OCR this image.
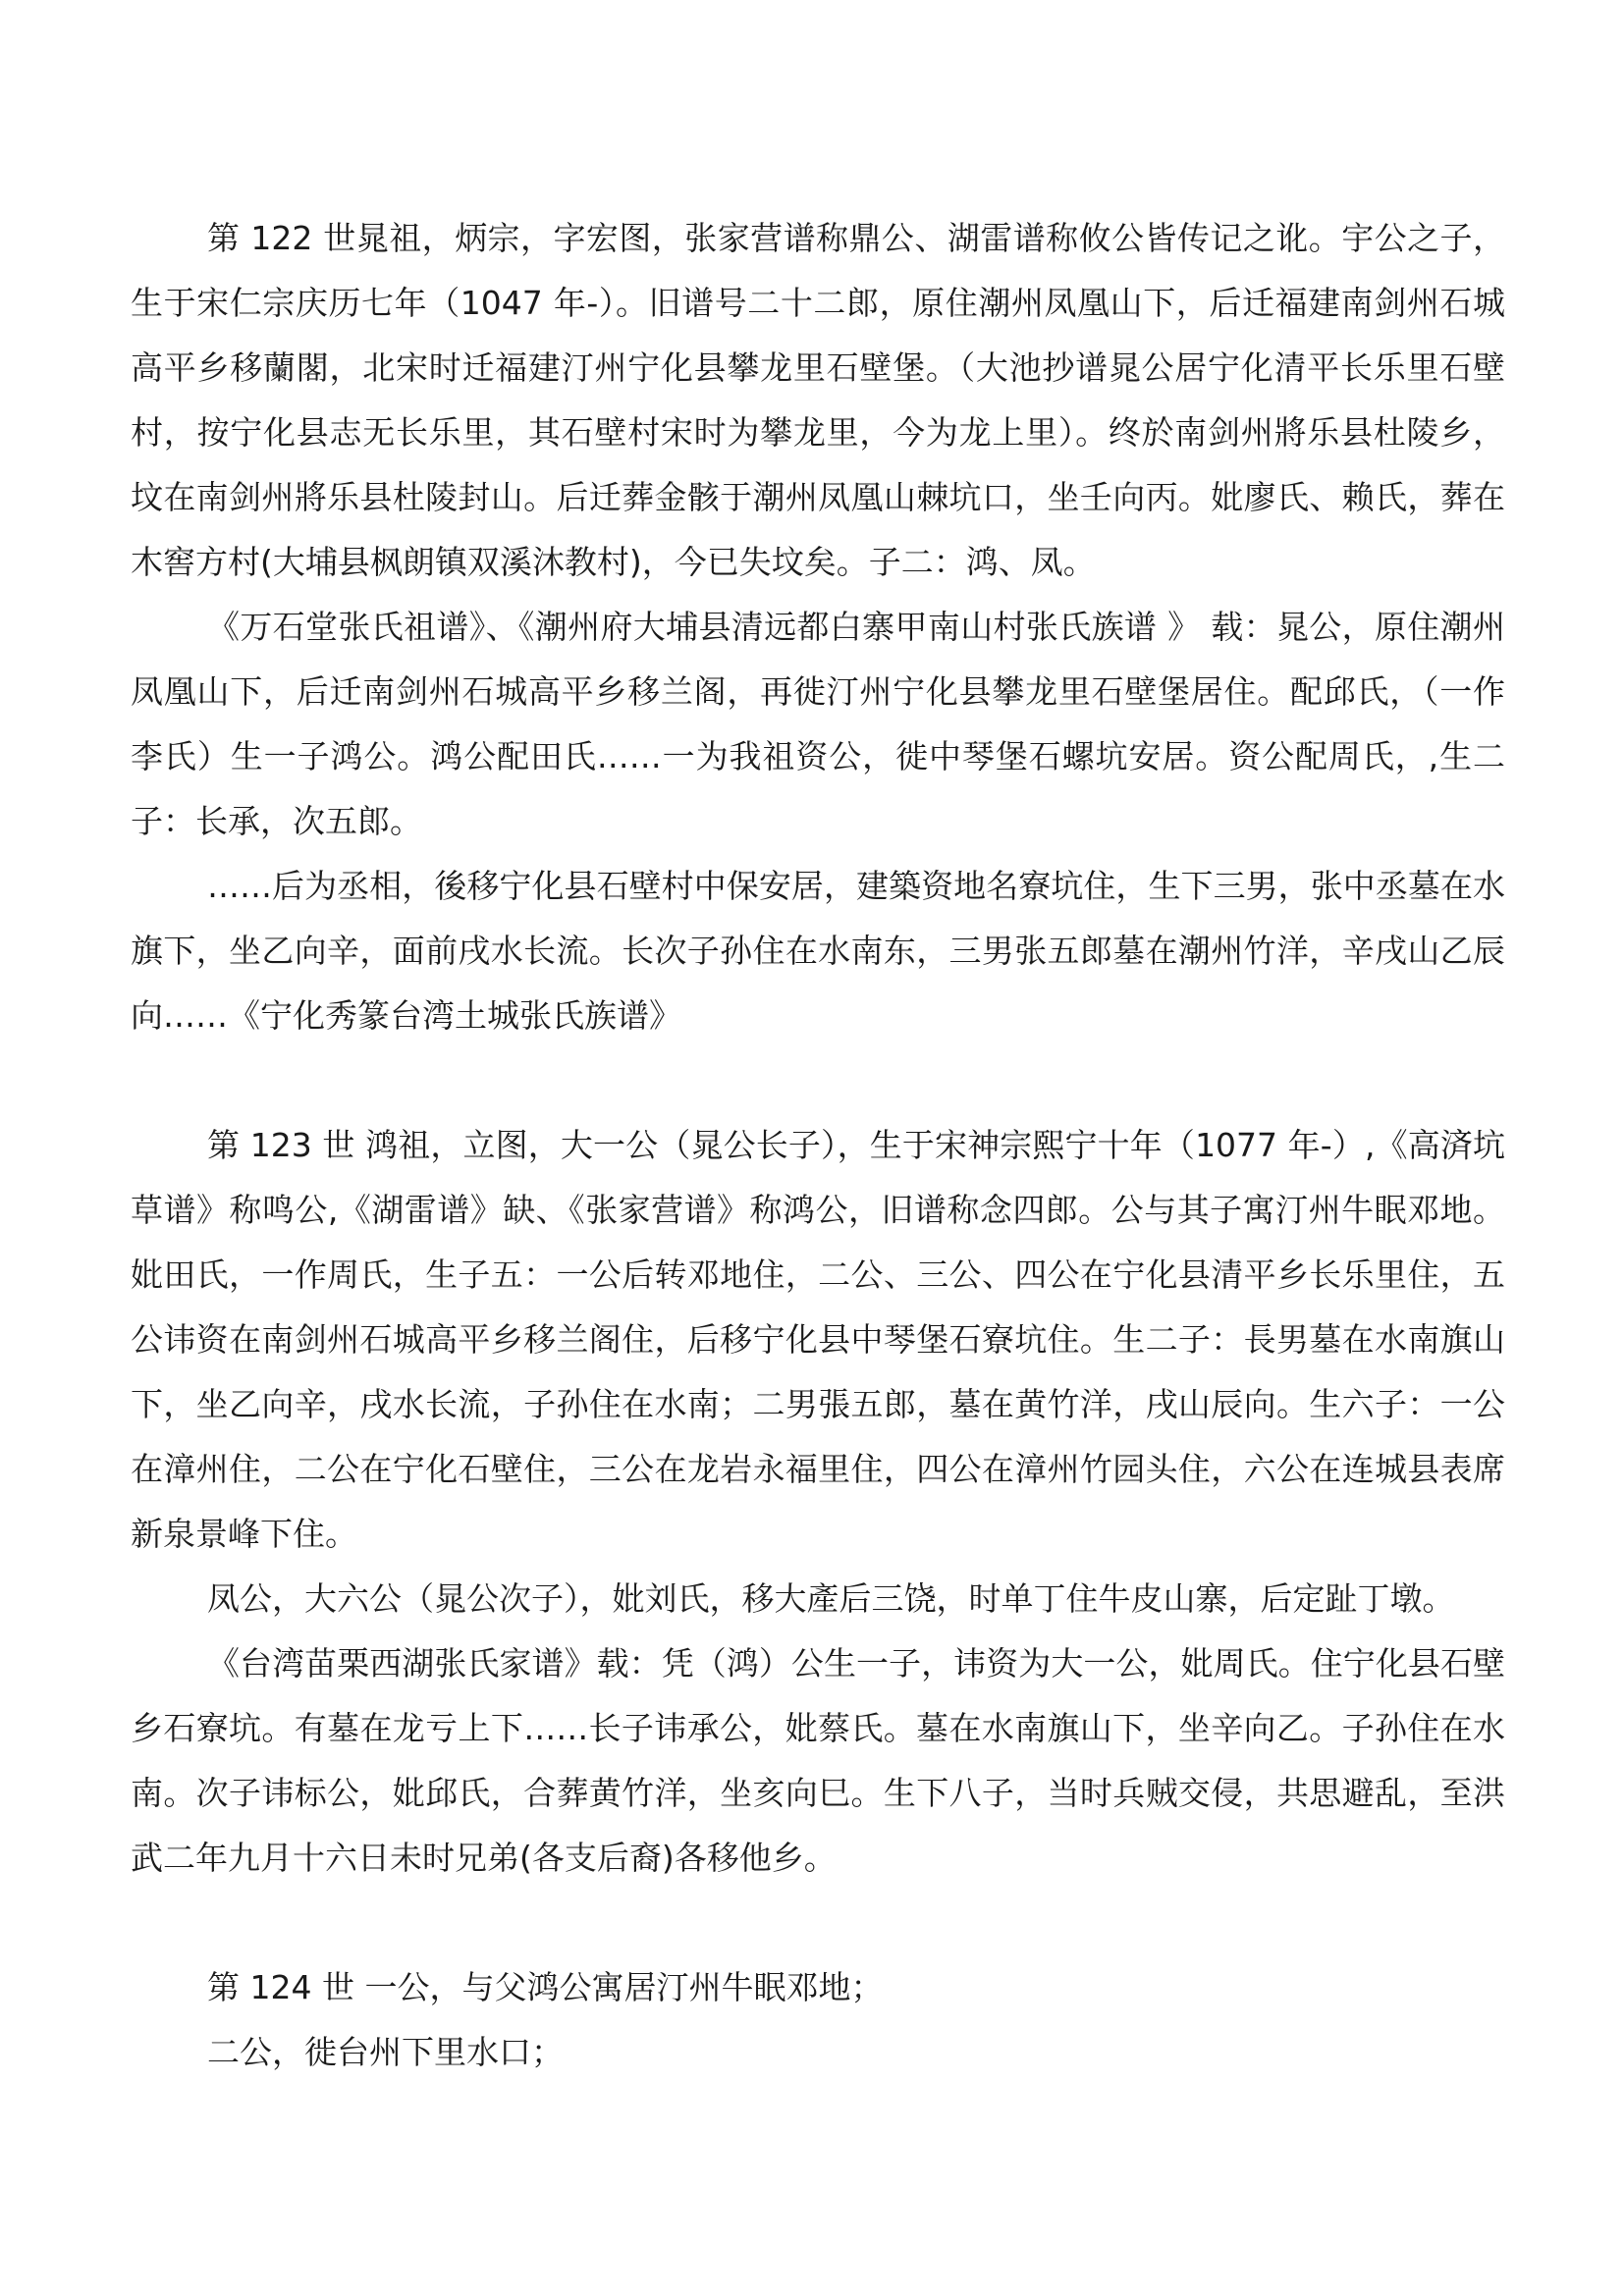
第 122 世晁祖，炳宗，字宏图，张家营谱称鼎公、湖雷谱称攸公皆传记之讹。宇公之子，生于宋仁宗庆历七年（1047 年-）。旧谱号二十二郎，原住潮州凤凰山下，后迁福建南剑州石城高平乡移蘭閣，北宋时迁福建汀州宁化县攀龙里石壁堡。（大池抄谱晁公居宁化清平长乐里石壁村，按宁化县志无长乐里，其石壁村宋时为攀龙里，今为龙上里）。终於南剑州將乐县杜陵乡，坟在南剑州將乐县杜陵封山。后迁葬金骸于潮州凤凰山棘坑口，坐壬向丙。妣廖氏、赖氏，葬在木窖方村(大埔县枫朗镇双溪沐教村)，今已失坟矣。子二：鸿、凤。

《万石堂张氏祖谱》、《潮州府大埔县清远都白寨甲南山村张氏族谱 》 载：晁公，原住潮州凤凰山下，后迁南剑州石城高平乡移兰阁，再徙汀州宁化县攀龙里石壁堡居住。配邱氏，（一作李氏）生一子鸿公。鸿公配田氏……一为我祖资公，徙中琴堡石螺坑安居。资公配周氏，,生二子：长承，次五郎。

……后为丞相，後移宁化县石壁村中保安居，建築资地名寮坑住，生下三男，张中丞墓在水旗下，坐乙向辛，面前戌水长流。长次子孙住在水南东，三男张五郎墓在潮州竹洋，辛戌山乙辰向……《宁化秀篆台湾土城张氏族谱》

第 123 世 鸿祖，立图，大一公（晁公长子），生于宋神宗熙宁十年（1077 年-）,《高済坑草谱》称鸣公,《湖雷谱》缺、《张家营谱》称鸿公，旧谱称念四郎。公与其子寓汀州牛眠邓地。妣田氏，一作周氏，生子五：一公后转邓地住，二公、三公、四公在宁化县清平乡长乐里住，五公讳资在南剑州石城高平乡移兰阁住，后移宁化县中琴堡石寮坑住。生二子：長男墓在水南旗山下，坐乙向辛，戌水长流，子孙住在水南；二男張五郎，墓在黄竹洋，戌山辰向。生六子：一公在漳州住，二公在宁化石壁住，三公在龙岩永福里住，四公在漳州竹园头住，六公在连城县表席新泉景峰下住。

凤公，大六公（晁公次子），妣刘氏，移大產后三饶，时单丁住牛皮山寨，后定趾丁墩。

《台湾苗栗西湖张氏家谱》载：凭（鸿）公生一子，讳资为大一公，妣周氏。住宁化县石壁乡石寮坑。有墓在龙亏上下……长子讳承公，妣蔡氏。墓在水南旗山下，坐辛向乙。子孙住在水南。次子讳标公，妣邱氏，合葬黄竹洋，坐亥向巳。生下八子，当时兵贼交侵，共思避乱，至洪武二年九月十六日未时兄弟(各支后裔)各移他乡。

第 124 世 一公，与父鸿公寓居汀州牛眠邓地；

二公，徙台州下里水口；
